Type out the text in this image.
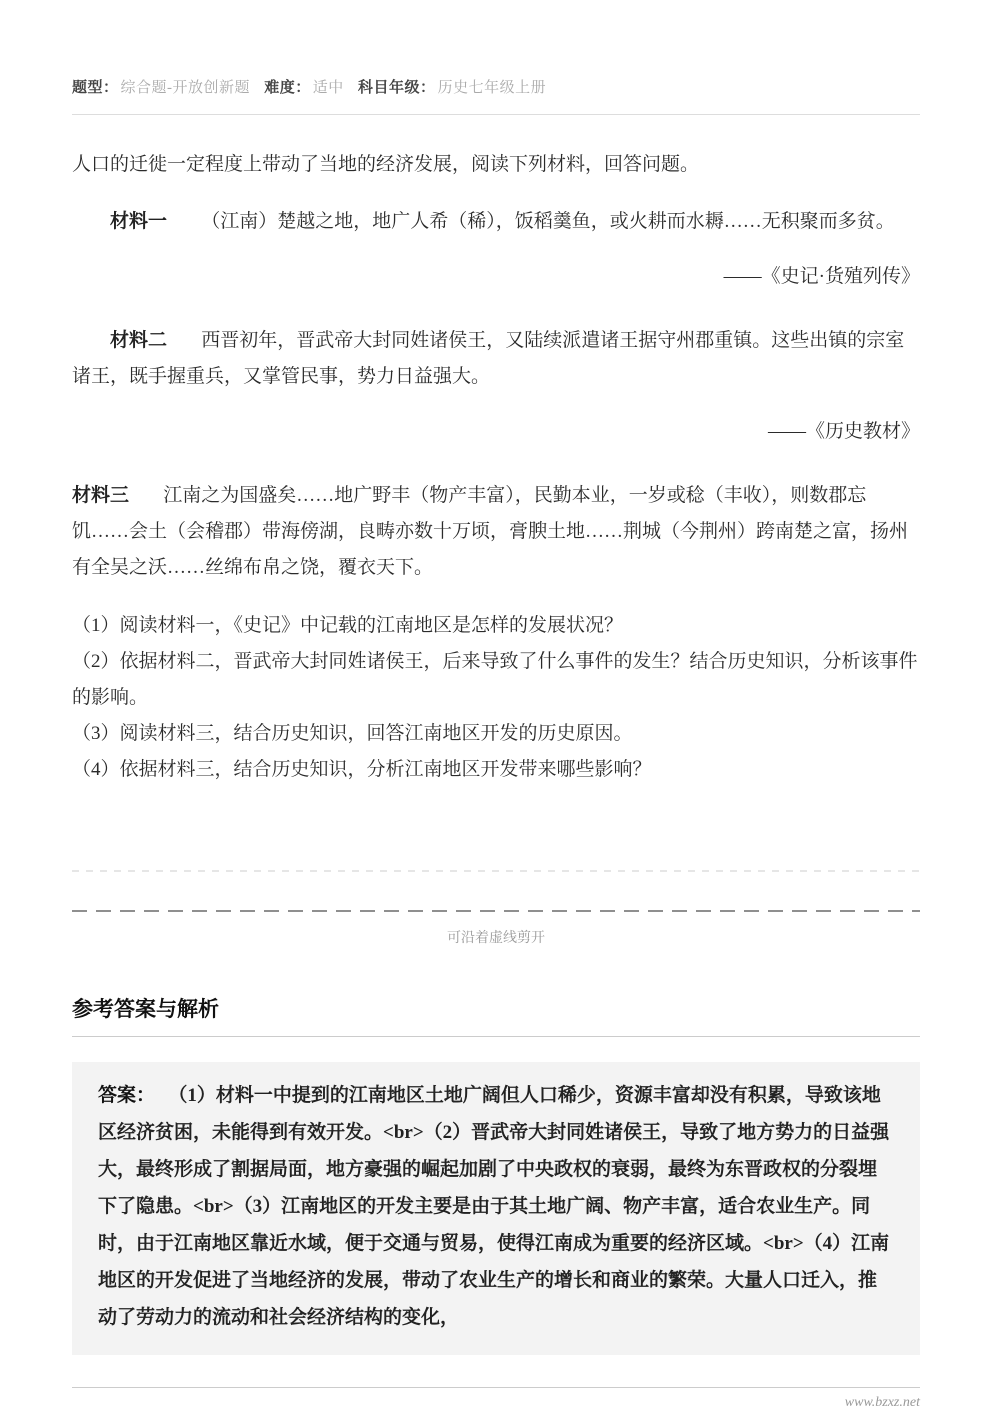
题型： 综合题-开放创新题 难度： 适中 科目年级： 历史七年级上册

人口的迁徙一定程度上带动了当地的经济发展，阅读下列材料，回答问题。

材料一 （江南）楚越之地，地广人希（稀），饭稻羹鱼，或火耕而水耨……无积聚而多贫。

——《史记·货殖列传》

材料二 西晋初年，晋武帝大封同姓诸侯王，又陆续派遣诸王据守州郡重镇。这些出镇的宗室诸王，既手握重兵，又掌管民事，势力日益强大。

——《历史教材》

材料三 江南之为国盛矣……地广野丰（物产丰富），民勤本业，一岁或稔（丰收），则数郡忘饥……会土（会稽郡）带海傍湖，良畴亦数十万顷，膏腴土地……荆城（今荆州）跨南楚之富，扬州有全吴之沃……丝绵布帛之饶，覆衣天下。

（1）阅读材料一，《史记》中记载的江南地区是怎样的发展状况？

（2）依据材料二，晋武帝大封同姓诸侯王，后来导致了什么事件的发生？结合历史知识，分析该事件的影响。

（3）阅读材料三，结合历史知识，回答江南地区开发的历史原因。

（4）依据材料三，结合历史知识，分析江南地区开发带来哪些影响？

可沿着虚线剪开

参考答案与解析
答案： （1）材料一中提到的江南地区土地广阔但人口稀少，资源丰富却没有积累，导致该地区经济贫困，未能得到有效开发。<br>（2）晋武帝大封同姓诸侯王，导致了地方势力的日益强大，最终形成了割据局面，地方豪强的崛起加剧了中央政权的衰弱，最终为东晋政权的分裂埋下了隐患。<br>（3）江南地区的开发主要是由于其土地广阔、物产丰富，适合农业生产。同时，由于江南地区靠近水域，便于交通与贸易，使得江南成为重要的经济区域。<br>（4）江南地区的开发促进了当地经济的发展，带动了农业生产的增长和商业的繁荣。大量人口迁入，推动了劳动力的流动和社会经济结构的变化，

www.bzxz.net
